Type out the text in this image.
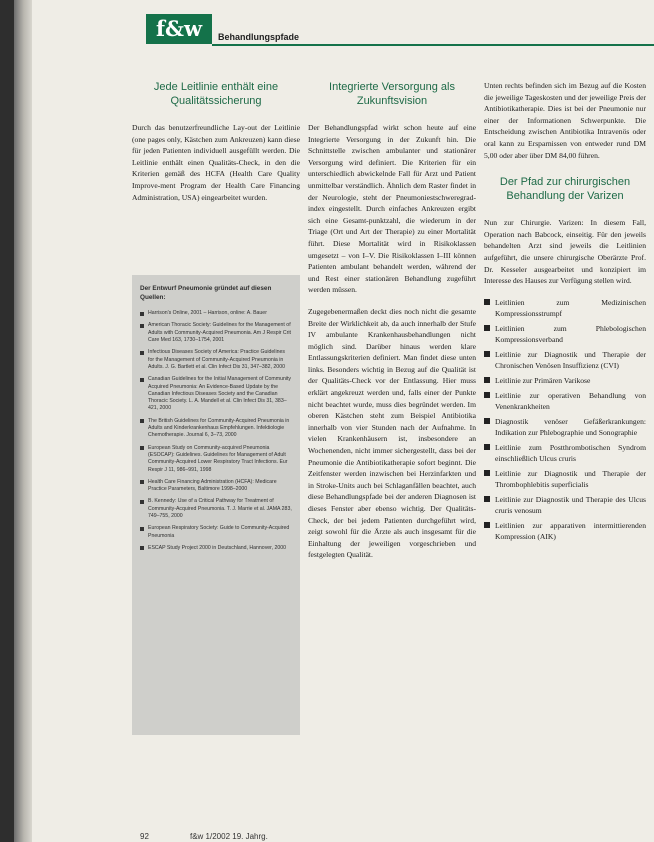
f&w	Behandlungspfade
Jede Leitlinie enthält eine Qualitätssicherung

Durch das benutzerfreundliche Lay-out der Leitlinie (one pages only, Kästchen zum Ankreuzen) kann diese für jeden Patienten individuell ausgefüllt werden. Die Leitlinie enthält einen Qualitäts-Check, in den die Kriterien gemäß des HCFA (Health Care Quality Improve-ment Program der Health Care Financing Administration, USA) eingearbeitet wurden.

Der Entwurf Pneumonie gründet auf diesen Quellen:
Harrison's Online, 2001 – Harrison, online: A. Bauer
American Thoracic Society: Guidelines for the Management of Adults with Community-Acquired Pneumonia. Am J Respir Crit Care Med 163, 1730–1754, 2001
Infectious Diseases Society of America: Practice Guidelines for the Management of Community-Acquired Pneumonia in Adults. J. G. Bartlett et al. Clin Infect Dis 31, 347–382, 2000
Canadian Guidelines for the Initial Management of Community Acquired Pneumonia: An Evidence-Based Update by the Canadian Infectious Diseases Society and the Canadian Thoracic Society. L. A. Mandell et al. Clin Infect Dis 31, 383–421, 2000
The British Guidelines for Community-Acquired Pneumonia in Adults and Kinderkrankenhaus Empfehlungen. Infektiologie Chemotherapie. Journal 6, 3–73, 2000
European Study on Community-acquired Pneumonia (ESOCAP): Guidelines. Guidelines for Management of Adult Community-Acquired Lower Respiratory Tract Infections. Eur Respir J 11, 986–991, 1998
Health Care Financing Administration (HCFA): Medicare Practice Parameters, Baltimore 1998–2000
B. Kennedy: Use of a Critical Pathway for Treatment of Community-Acquired Pneumonia. T. J. Marrie et al. JAMA 283, 749–755, 2000
European Respiratory Society: Guide to Community-Acquired Pneumonia
ESCAP Study Project 2000 in Deutschland, Hannover, 2000
Integrierte Versorgung als Zukunftsvision

Der Behandlungspfad wirkt schon heute auf eine Integrierte Versorgung in der Zukunft hin. Die Schnittstelle zwischen ambulanter und stationärer Versorgung wird definiert. Die Kriterien für ein unterschiedlich abwickelnde Fall für Arzt und Patient unmittelbar verständlich. Ähnlich dem Raster findet in der Neurologie, steht der Pneumoniestschweregrad-index eingestellt. Durch einfaches Ankreuzen ergibt sich eine Gesamt-punktzahl, die wiederum in der Triage (Ort und Art der Therapie) zu einer Mortalität führt. Diese Mortalität wird in Risikoklassen umgesetzt – von I–V. Die Risikoklassen I–III können Patienten ambulant behandelt werden, während der und Rest einer stationären Behandlung zugeführt werden müssen.

Zugegebenermaßen deckt dies noch nicht die gesamte Breite der Wirklichkeit ab, da auch innerhalb der Stufe IV ambulante Krankenhausbehandlungen nicht möglich sind. Darüber hinaus werden klare Entlassungskriterien definiert. Man findet diese unten links. Besonders wichtig in Bezug auf die Qualität ist der Qualitäts-Check vor der Entlassung. Hier muss erklärt angekreuzt werden und, falls einer der Punkte nicht beachtet wurde, muss dies begründet werden. Im oberen Kästchen steht zum Beispiel Antibiotika innerhalb von vier Stunden nach der Aufnahme. In vielen Krankenhäusern ist, insbesondere an Wochenenden, nicht immer sichergestellt, dass bei der Pneumonie die Antibiotikatherapie sofort beginnt. Die Zeitfenster werden inzwischen bei Herzinfarkten und in Stroke-Units auch bei Schlaganfällen beachtet, auch diese Behandlungspfade bei der anderen Diagnosen ist dieses Fenster aber ebenso wichtig. Der Qualitäts-Check, der bei jedem Patienten durchgeführt wird, zeigt sowohl für die Ärzte als auch insgesamt für die Einhaltung der jeweiligen vorgeschrieben und festgelegten Qualität.

Unten rechts befinden sich im Bezug auf die Kosten die jeweilige Tageskosten und der jeweilige Preis der Antibiotikatherapie. Dies ist bei der Pneumonie nur einer der Informationen Schwerpunkte. Die Entscheidung zwischen Antibiotika Intravenös oder oral kann zu Ersparnissen von entweder rund DM 5,00 oder aber über DM 84,00 führen.

Der Pfad zur chirurgischen Behandlung der Varizen

Nun zur Chirurgie. Varizen: In diesem Fall, Operation nach Babcock, einseitig. Für den jeweils behandelten Arzt sind jeweils die Leitlinien aufgeführt, die unsere chirurgische Oberärzte Prof. Dr. Kesseler ausgearbeitet und konzipiert im Interesse des Hauses zur Verfügung stellen wird.

Leitlinien zum Medizinischen Kompressionsstrumpf
Leitlinien zum Phlebologischen Kompressionsverband
Leitlinie zur Diagnostik und Therapie der Chronischen Venösen Insuffizienz (CVI)
Leitlinie zur Primären Varikose
Leitlinie zur operativen Behandlung von Venenkrankheiten
Diagnostik venöser Gefäßerkrankungen: Indikation zur Phlebographie und Sonographie
Leitlinie zum Postthrombotischen Syndrom einschließlich Ulcus cruris
Leitlinie zur Diagnostik und Therapie der Thrombophlebitis superficialis
Leitlinie zur Diagnostik und Therapie des Ulcus cruris venosum
Leitlinien zur apparativen intermittierenden Kompression (AIK)
92	f&w 1/2002 19. Jahrg.
